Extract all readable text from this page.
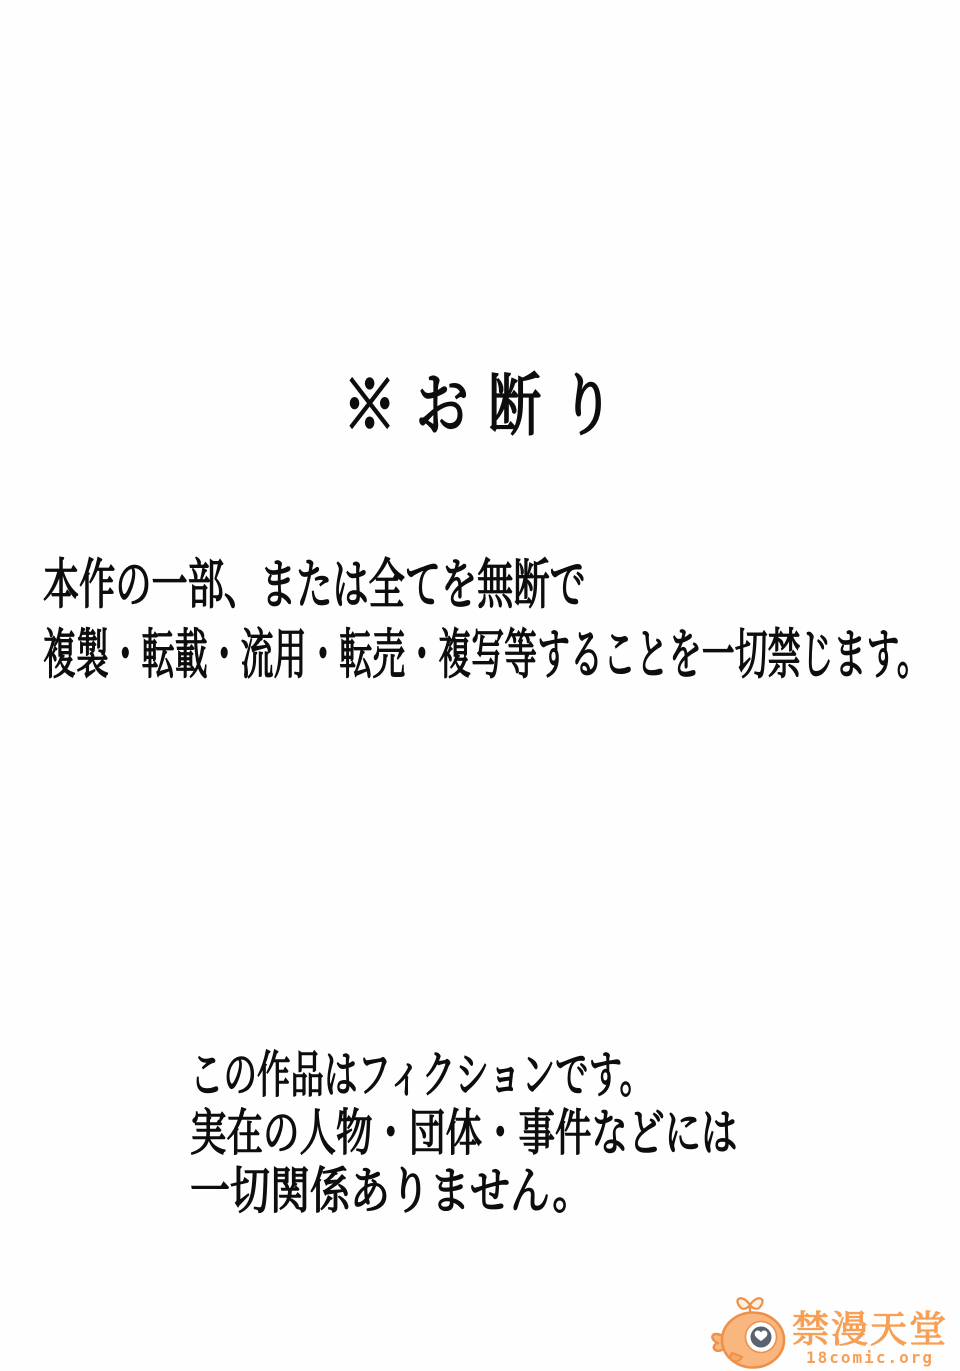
※ お 断 り
本作の一部、または全てを無断で
複製・転載・流用・転売・複写等することを一切禁じます。
この作品はフィクションです。
実在の人物・団体・事件などには
一切関係ありません。
禁漫天堂
18comic.org
